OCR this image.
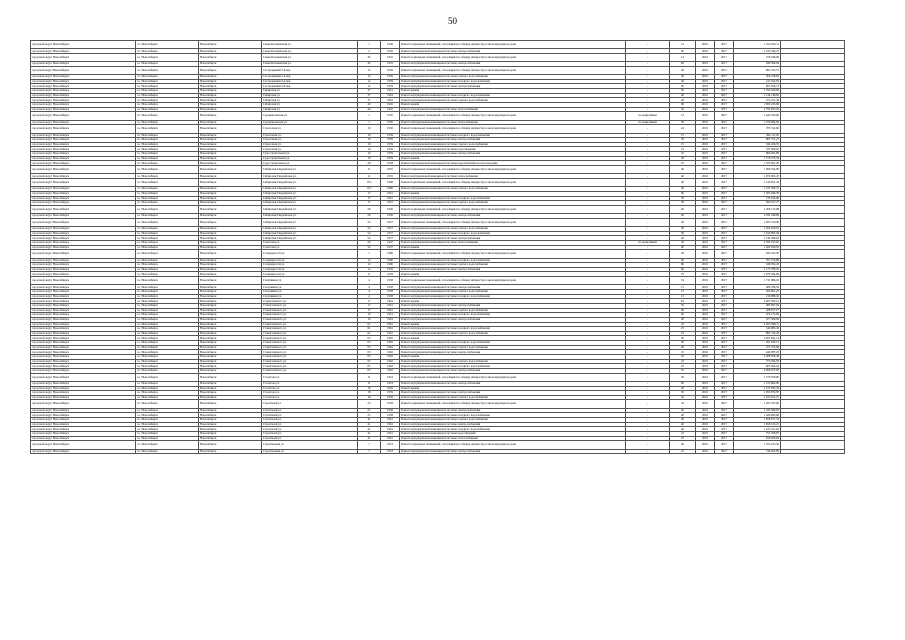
50
городской округ Новосибирск	г.о. Новосибирск	Новосибирск	Сеньк Коломенская ул.	1	1956	Ремонт подвальных помещений, относящихся к общему имуществу в многоквартирном доме	-	12	2016	2017	1 552 503,11	
городской округ Новосибирск	г.о. Новосибирск	Новосибирск	Сеньк Коломенская ул.	2	1956	Ремонт внутридомовой инженерной системы электроснабжения	-	60	2016	2017	1 195 544,27	
городской округ Новосибирск	г.о. Новосибирск	Новосибирск	Сеньк Коломенская ул.	4б	1955	Ремонт подвальных помещений, относящихся к общему имуществу в многоквартирном доме	-	14	2016	2017	570 180,00	
городской округ Новосибирск	г.о. Новосибирск	Новосибирск	Сеньк Коломенская ул.	4б	1955	Ремонт внутридомовой инженерной системы электроснабжения	-	60	2016	2017	940 399,94	
городской округ Новосибирск	г.о. Новосибирск	Новосибирск	Сестрорецкий 2-й пер.	12	1959	Ремонт подвальных помещений, относящихся к общему имуществу в многоквартирном доме	-	30	2016	2017	891 103,57	
городской округ Новосибирск	г.о. Новосибирск	Новосибирск	Сестрорецкий 2-й пер.	12	1959	Ремонт внутридомовой инженерной системы горячего водоснабжения	-	40	2016	2017	366 228,64	
городской округ Новосибирск	г.о. Новосибирск	Новосибирск	Сестрорецкий 2-й пер.	12	1959	Ремонт внутридомовой инженерной системы холодного водоснабжения	-	40	2016	2017	417 102,05	
городской округ Новосибирск	г.о. Новосибирск	Новосибирск	Сестрорецкий 2-й пер.	12	1959	Ремонт внутридомовой инженерной системы электроснабжения	-	60	2016	2017	667 056,73	
городской округ Новосибирск	г.о. Новосибирск	Новосибирск	Сибирская ул.	37	1961	Ремонт крыши	-	50	2016	2017	1 766 456,96	
городской округ Новосибирск	г.о. Новосибирск	Новосибирск	Сибирская ул.	37	1961	Ремонт внутридомовой инженерной системы холодного водоснабжения	-	40	2016	2017	1 134 148,82	
городской округ Новосибирск	г.о. Новосибирск	Новосибирск	Сибирская ул.	37	1961	Ремонт внутридомовой инженерной системы горячего водоснабжения	-	40	2016	2017	573 251,42	
городской округ Новосибирск	г.о. Новосибирск	Новосибирск	Сибирская ул.	49	1945	Ремонт крыши	-	60	2016	2017	1 693 223,09	
городской округ Новосибирск	г.о. Новосибирск	Новосибирск	Сибирская ул.	49	1945	Ремонт внутридомовой инженерной системы теплоснабжения	-	30	2016	2017	1 792 653,16	
городской округ Новосибирск	г.о. Новосибирск	Новосибирск	Средневолжская ул.	1	1950	Ремонт подвальных помещений, относящихся к общему имуществу в многоквартирном доме	по нормативам	12	2016	2017	1 445 220,00	
городской округ Новосибирск	г.о. Новосибирск	Новосибирск	Средневолжская ул.	1	1950	Ремонт внутридомовой инженерной системы теплоснабжения	по нормативам	50	2016	2017	1 579 904,92	
городской округ Новосибирск	г.о. Новосибирск	Новосибирск	Стрелочная ул.	19	1956	Ремонт подвальных помещений, относящихся к общему имуществу в многоквартирном доме	-	42	2016	2017	703 512,60	
городской округ Новосибирск	г.о. Новосибирск	Новосибирск	Стрелочная ул.	19	1959	Ремонт внутридомовой инженерной системы холодного водоснабжения	-	15	2016	2017	492 111,05	
городской округ Новосибирск	г.о. Новосибирск	Новосибирск	Стрелочная ул.	19	1959	Ремонт внутридомовой инженерной системы электроснабжения	-	50	2016	2017	865 751,21	
городской округ Новосибирск	г.о. Новосибирск	Новосибирск	Стрелочная ул.	19	1959	Ремонт внутридомовой инженерной системы горячего водоснабжения	-	15	2016	2017	344 226,35	
городской округ Новосибирск	г.о. Новосибирск	Новосибирск	Стрелочная ул.	19	1959	Ремонт внутридомовой инженерной системы водоотведения	-	25	2016	2017	537 200,07	
городской округ Новосибирск	г.о. Новосибирск	Новосибирск	Судостроительная ул.	19	1959	Ремонт внутридомовой инженерной системы электроснабжения	-	25	2016	2017	866 401,86	
городской округ Новосибирск	г.о. Новосибирск	Новосибирск	Судостроительная ул.	19	1959	Ремонт крыши	-	40	2016	2017	1 770 575,34	
городской округ Новосибирск	г.о. Новосибирск	Новосибирск	Судостроительная ул.	28	1958	Ремонт внутридомовой инженерной системы водоснабжения и водоотведения	-	25	2016	2017	1 705 821,20	
городской округ Новосибирск	г.о. Новосибирск	Новосибирск	Сибирская-Гвардейская ул.	11	1955	Ремонт подвальных помещений, относящихся к общему имуществу в многоквартирном доме	-	40	2016	2017	1 099 164,00	
городской округ Новосибирск	г.о. Новосибирск	Новосибирск	Сибирская-Гвардейская ул.	11	1955	Ремонт внутридомовой инженерной системы теплоснабжения	-	40	2016	2017	1 072 603,47	
городской округ Новосибирск	г.о. Новосибирск	Новосибирск	Сибирская-Гвардейская ул.	15/1	1960	Ремонт подвальных помещений, относящихся к общему имуществу в многоквартирном доме	-	40	2016	2017	1 143 951,43	
городской округ Новосибирск	г.о. Новосибирск	Новосибирск	Сибирская-Гвардейская ул.	15/1	1960	Ремонт внутридомовой инженерной системы горячего водоснабжения	-	40	2016	2017	1 197 500,37	
городской округ Новосибирск	г.о. Новосибирск	Новосибирск	Сибирская-Гвардейская ул.	17	1961	Ремонт крыши	-	60	2016	2017	1 563 946,39	
городской округ Новосибирск	г.о. Новосибирск	Новосибирск	Сибирская-Гвардейская ул.	17	1961	Ремонт внутридомовой инженерной системы холодного водоснабжения	-	30	2016	2017	735 014,06	
городской округ Новосибирск	г.о. Новосибирск	Новосибирск	Сибирская-Гвардейская ул.	17	1961	Ремонт внутридомовой инженерной системы горячего водоснабжения	-	30	2016	2017	560 227,27	
городской округ Новосибирск	г.о. Новосибирск	Новосибирск	Сибирская-Гвардейская ул.	26	1956	Ремонт подвальных помещений, относящихся к общему имуществу в многоквартирном доме	-	40	2016	2017	1 209 115,98	
городской округ Новосибирск	г.о. Новосибирск	Новосибирск	Сибирская-Гвардейская ул.	26	1956	Ремонт внутридомовой инженерной системы электроснабжения	-	40	2016	2017	2 182 346,06	
городской округ Новосибирск	г.о. Новосибирск	Новосибирск	Сибирская-Гвардейская ул.	54	1957	Ремонт подвальных помещений, относящихся к общему имуществу в многоквартирном доме	-	30	2016	2017	1 205 120,00	
городской округ Новосибирск	г.о. Новосибирск	Новосибирск	Сибирская-Гвардейская ул.	54	1957	Ремонт внутридомовой инженерной системы горячего водоснабжения	-	30	2016	2017	1 262 616,91	
городской округ Новосибирск	г.о. Новосибирск	Новосибирск	Сибирская-Гвардейская ул.	54	1957	Ремонт внутридомовой инженерной системы холодного водоснабжения	-	30	2016	2017	1 164 895,46	
городской округ Новосибирск	г.о. Новосибирск	Новосибирск	Сибирская-Гвардейская ул.	54	1957	Ремонт внутридомовой инженерной системы электроснабжения	-	40	2016	2017	1 144 586,18	
городской округ Новосибирск	г.о. Новосибирск	Новосибирск	Советская ул.	20	1947	Ремонт внутридомовой инженерной системы теплоснабжения	по нормативам	40	2016	2017	2 764 255,02	
городской округ Новосибирск	г.о. Новосибирск	Новосибирск	Советская ул.	52	1937	Ремонт крыши	-	60	2016	2017	1 262 816,63	
городской округ Новосибирск	г.о. Новосибирск	Новосибирск	Солидарности ул.	7	1960	Ремонт подвальных помещений, относящихся к общему имуществу в многоквартирном доме	-	26	2016	2017	643 192,50	
городской округ Новосибирск	г.о. Новосибирск	Новосибирск	Солидарности ул.	12	1960	Ремонт внутридомовой инженерной системы холодного водоснабжения	-	60	2016	2017	357 159,80	
городской округ Новосибирск	г.о. Новосибирск	Новосибирск	Солидарности ул.	12	1960	Ремонт внутридомовой инженерной системы горячего водоснабжения	-	60	2016	2017	346 054,22	
городской округ Новосибирск	г.о. Новосибирск	Новосибирск	Солидарности ул.	12	1959	Ремонт внутридомовой инженерной системы электроснабжения	-	60	2016	2017	1 173 780,22	
городской округ Новосибирск	г.о. Новосибирск	Новосибирск	Солидарности ул.	8	1959	Ремонт крыши	-	70	2016	2017	1 979 594,96	
городской округ Новосибирск	г.о. Новосибирск	Новосибирск	Спортивная ул.	4	1958	Ремонт подвальных помещений, относящихся к общему имуществу в многоквартирном доме	-	54	2016	2017	1 731 886,10	
городской округ Новосибирск	г.о. Новосибирск	Новосибирск	Спортивная ул.	4	1958	Ремонт внутридомовой инженерной системы электроснабжения	-	15	2016	2017	468 786,59	
городской округ Новосибирск	г.о. Новосибирск	Новосибирск	Спортивная ул.	4	1958	Ремонт внутридомовой инженерной системы горячего водоснабжения	-	15	2016	2017	566 601,25	
городской округ Новосибирск	г.о. Новосибирск	Новосибирск	Спортивная ул.	4	1958	Ремонт внутридомовой инженерной системы холодного водоснабжения	-	15	2016	2017	216 088,32	
городской округ Новосибирск	г.о. Новосибирск	Новосибирск	Станиславского ул.	17	1961	Ремонт крыши	-	65	2016	2017	2 207 045,15	
городской округ Новосибирск	г.о. Новосибирск	Новосибирск	Станиславского ул.	17	1961	Ремонт внутридомовой инженерной системы электроснабжения	-	35	2016	2017	483 067,64	
городской округ Новосибирск	г.о. Новосибирск	Новосибирск	Станиславского ул.	17	1961	Ремонт внутридомовой инженерной системы горячего водоснабжения	-	40	2016	2017	428 677,17	
городской округ Новосибирск	г.о. Новосибирск	Новосибирск	Станиславского ул.	19	1961	Ремонт внутридомовой инженерной системы холодного водоснабжения	-	40	2016	2017	472 175,84	
городской округ Новосибирск	г.о. Новосибирск	Новосибирск	Станиславского ул.	19	1961	Ремонт внутридомовой инженерной системы электроснабжения	-	40	2016	2017	477 309,09	
городской округ Новосибирск	г.о. Новосибирск	Новосибирск	Станиславского ул.	61	1961	Ремонт крыши	-	45	2016	2017	2 923 648,11	
городской округ Новосибирск	г.о. Новосибирск	Новосибирск	Станиславского ул.	61	1961	Ремонт внутридомовой инженерной системы холодного водоснабжения	-	25	2016	2017	546 083,45	
городской округ Новосибирск	г.о. Новосибирск	Новосибирск	Станиславского ул.	61	1961	Ремонт внутридомовой инженерной системы горячего водоснабжения	-	25	2016	2017	881 744,43	
городской округ Новосибирск	г.о. Новосибирск	Новосибирск	Станиславского ул.	63	1962	Ремонт крыши	-	40	2016	2017	2 203 841,14	
городской округ Новосибирск	г.о. Новосибирск	Новосибирск	Станиславского ул.	63	1962	Ремонт внутридомовой инженерной системы холодного водоснабжения	-	40	2016	2017	491 934,13	
городской округ Новосибирск	г.о. Новосибирск	Новосибирск	Станиславского ул.	63	1962	Ремонт внутридомовой инженерной системы горячего водоснабжения	-	40	2016	2017	571 574,90	
городской округ Новосибирск	г.о. Новосибирск	Новосибирск	Станиславского ул.	63	1962	Ремонт внутридомовой инженерной системы электроснабжения	-	25	2016	2017	449 087,23	
городской округ Новосибирск	г.о. Новосибирск	Новосибирск	Станиславского ул.	65	1962	Ремонт крыши	-	45	2016	2017	2 408 658,49	
городской округ Новосибирск	г.о. Новосибирск	Новосибирск	Станиславского ул.	65	1962	Ремонт внутридомовой инженерной системы горячего водоснабжения	-	25	2016	2017	573 934,93	
городской округ Новосибирск	г.о. Новосибирск	Новосибирск	Станиславского ул.	65	1962	Ремонт внутридомовой инженерной системы холодного водоснабжения	-	25	2016	2017	605 462,45	
городской округ Новосибирск	г.о. Новосибирск	Новосибирск	Станиславского ул.	65	1962	Ремонт внутридомовой инженерной системы электроснабжения	-	25	2016	2017	2 008 257,00	
городской округ Новосибирск	г.о. Новосибирск	Новосибирск	Столетова ул.	11	1923	Ремонт подвальных помещений, относящихся к общему имуществу в многоквартирном доме	-	36	2016	2017	1 779 070,00	
городской округ Новосибирск	г.о. Новосибирск	Новосибирск	Столетова ул.	11	1923	Ремонт внутридомовой инженерной системы электроснабжения	-	60	2016	2017	1 155 604,00	
городской округ Новосибирск	г.о. Новосибирск	Новосибирск	Столетова ул.	18	1959	Ремонт крыши	-	40	2016	2017	1 617 833,32	
городской округ Новосибирск	г.о. Новосибирск	Новосибирск	Столетова ул.	18	1959	Ремонт внутридомовой инженерной системы электроснабжения	-	50	2016	2017	1 053 870,87	
городской округ Новосибирск	г.о. Новосибирск	Новосибирск	Столетова ул.	18	1959	Ремонт внутридомовой инженерной системы горячего водоснабжения	-	50	2016	2017	1 672 611,15	
городской округ Новосибирск	г.о. Новосибирск	Новосибирск	Строителей ул.	25	1958	Ремонт подвальных помещений, относящихся к общему имуществу в многоквартирном доме	-	32	2016	2017	1 263 535,00	
городской округ Новосибирск	г.о. Новосибирск	Новосибирск	Строителей ул.	25	1958	Ремонт внутридомовой инженерной системы электроснабжения	-	40	2016	2017	1 433 580,05	
городской округ Новосибирск	г.о. Новосибирск	Новосибирск	Строителей ул.	25	1958	Ремонт внутридомовой инженерной системы холодного водоснабжения	-	40	2016	2017	1 426 095,60	
городской округ Новосибирск	г.о. Новосибирск	Новосибирск	Строителей ул.	41	1961	Ремонт внутридомовой инженерной системы горячего водоснабжения	-	40	2016	2017	1 658 971,53	
городской округ Новосибирск	г.о. Новосибирск	Новосибирск	Строителей ул.	41	1961	Ремонт внутридомовой инженерной системы электроснабжения	-	40	2016	2017	1 659 125,21	
городской округ Новосибирск	г.о. Новосибирск	Новосибирск	Строителей ул.	41	1961	Ремонт внутридомовой инженерной системы холодного водоснабжения	-	40	2016	2017	1 615 211,81	
городской округ Новосибирск	г.о. Новосибирск	Новосибирск	Строителей ул.	41	1961	Ремонт внутридомовой инженерной системы водоотведения	-	25	2016	2017	757 458,87	
городской округ Новосибирск	г.о. Новосибирск	Новосибирск	Строителей ул.	41	1961	Ремонт внутридомовой инженерной системы теплоснабжения	-	25	2016	2017	819 829,64	
городской округ Новосибирск	г.о. Новосибирск	Новосибирск	Строительная ул.	7	1953	Ремонт подвальных помещений, относящихся к общему имуществу в многоквартирном доме	-	26	2016	2017	1 553 235,30	
городской округ Новосибирск	г.о. Новосибирск	Новосибирск	Строительная ул.	7	1953	Ремонт внутридомовой инженерной системы электроснабжения	-	25	2016	2017	744 652,82	
